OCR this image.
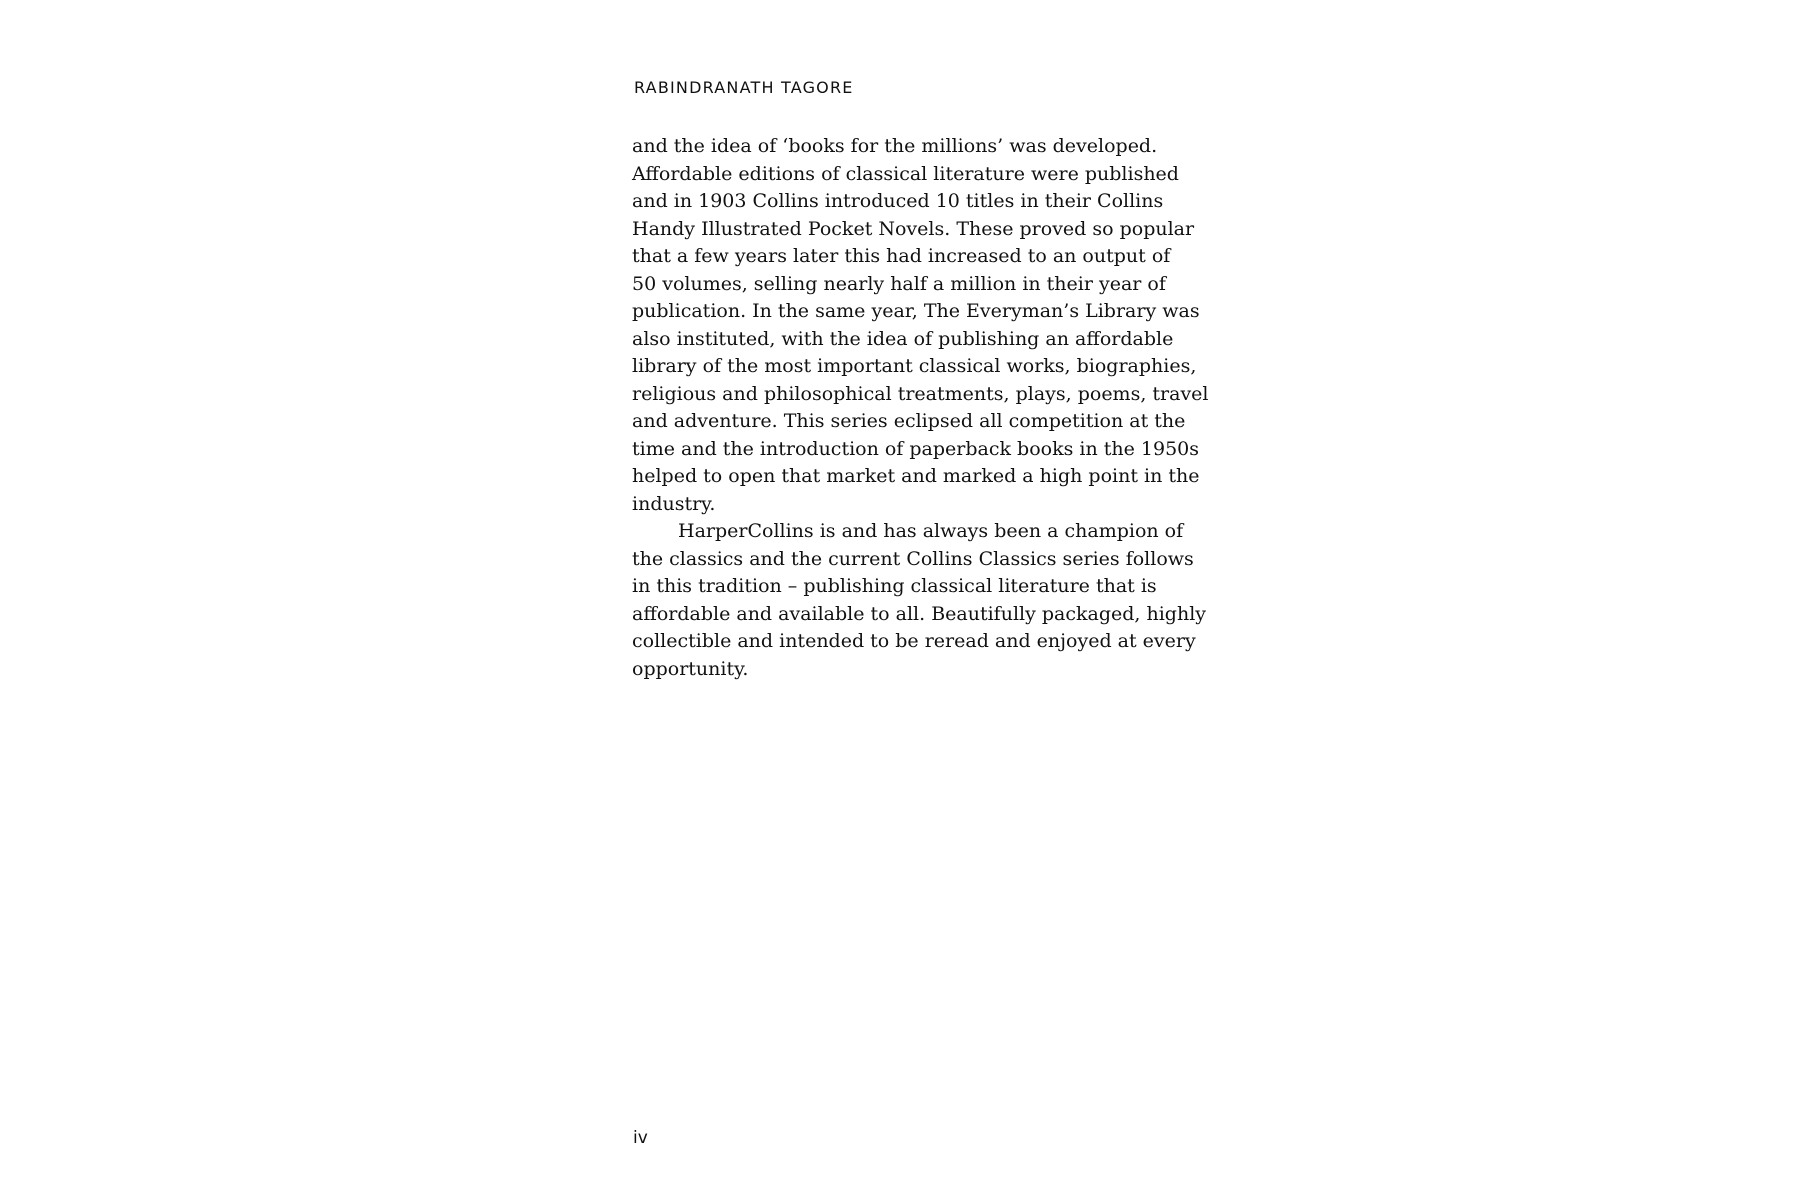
RABINDRANATH TAGORE
and the idea of ‘books for the millions’ was developed.
Affordable editions of classical literature were published
and in 1903 Collins introduced 10 titles in their Collins
Handy Illustrated Pocket Novels. These proved so popular
that a few years later this had increased to an output of
50 volumes, selling nearly half a million in their year of
publication. In the same year, The Everyman’s Library was
also instituted, with the idea of publishing an affordable
library of the most important classical works, biographies,
religious and philosophical treatments, plays, poems, travel
and adventure. This series eclipsed all competition at the
time and the introduction of paperback books in the 1950s
helped to open that market and marked a high point in the
industry.
HarperCollins is and has always been a champion of
the classics and the current Collins Classics series follows
in this tradition – publishing classical literature that is
affordable and available to all. Beautifully packaged, highly
collectible and intended to be reread and enjoyed at every
opportunity.
iv
